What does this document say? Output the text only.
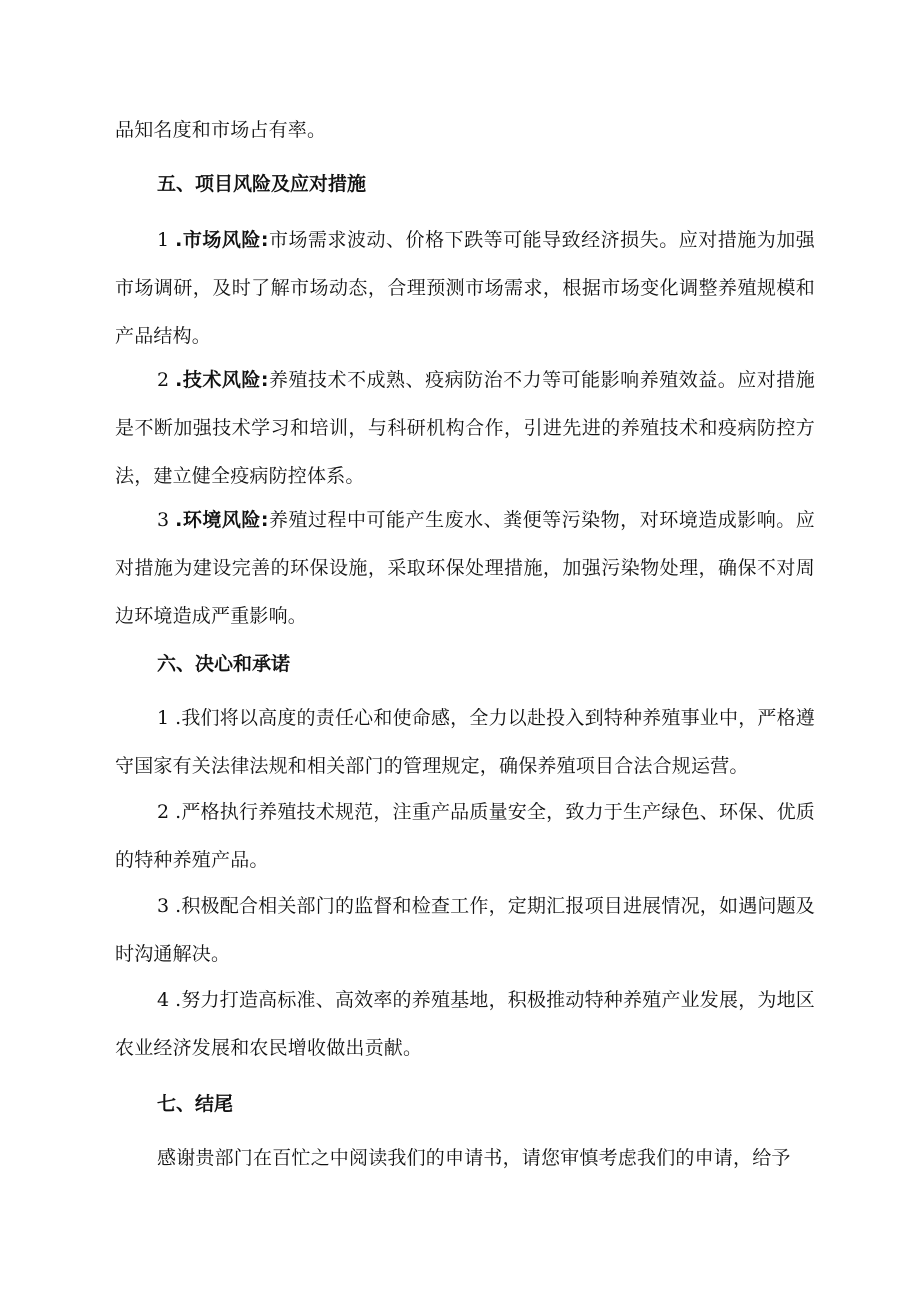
品知名度和市场占有率。

五、项目风险及应对措施

1 .市场风险:市场需求波动、价格下跌等可能导致经济损失。应对措施为加强市场调研，及时了解市场动态，合理预测市场需求，根据市场变化调整养殖规模和产品结构。

2 .技术风险:养殖技术不成熟、疫病防治不力等可能影响养殖效益。应对措施是不断加强技术学习和培训，与科研机构合作，引进先进的养殖技术和疫病防控方法，建立健全疫病防控体系。

3 .环境风险:养殖过程中可能产生废水、粪便等污染物，对环境造成影响。应对措施为建设完善的环保设施，采取环保处理措施，加强污染物处理，确保不对周边环境造成严重影响。

六、决心和承诺

1 .我们将以高度的责任心和使命感，全力以赴投入到特种养殖事业中，严格遵守国家有关法律法规和相关部门的管理规定，确保养殖项目合法合规运营。

2 .严格执行养殖技术规范，注重产品质量安全，致力于生产绿色、环保、优质的特种养殖产品。

3 .积极配合相关部门的监督和检查工作，定期汇报项目进展情况，如遇问题及时沟通解决。

4 .努力打造高标准、高效率的养殖基地，积极推动特种养殖产业发展，为地区农业经济发展和农民增收做出贡献。

七、结尾

感谢贵部门在百忙之中阅读我们的申请书，请您审慎考虑我们的申请，给予
